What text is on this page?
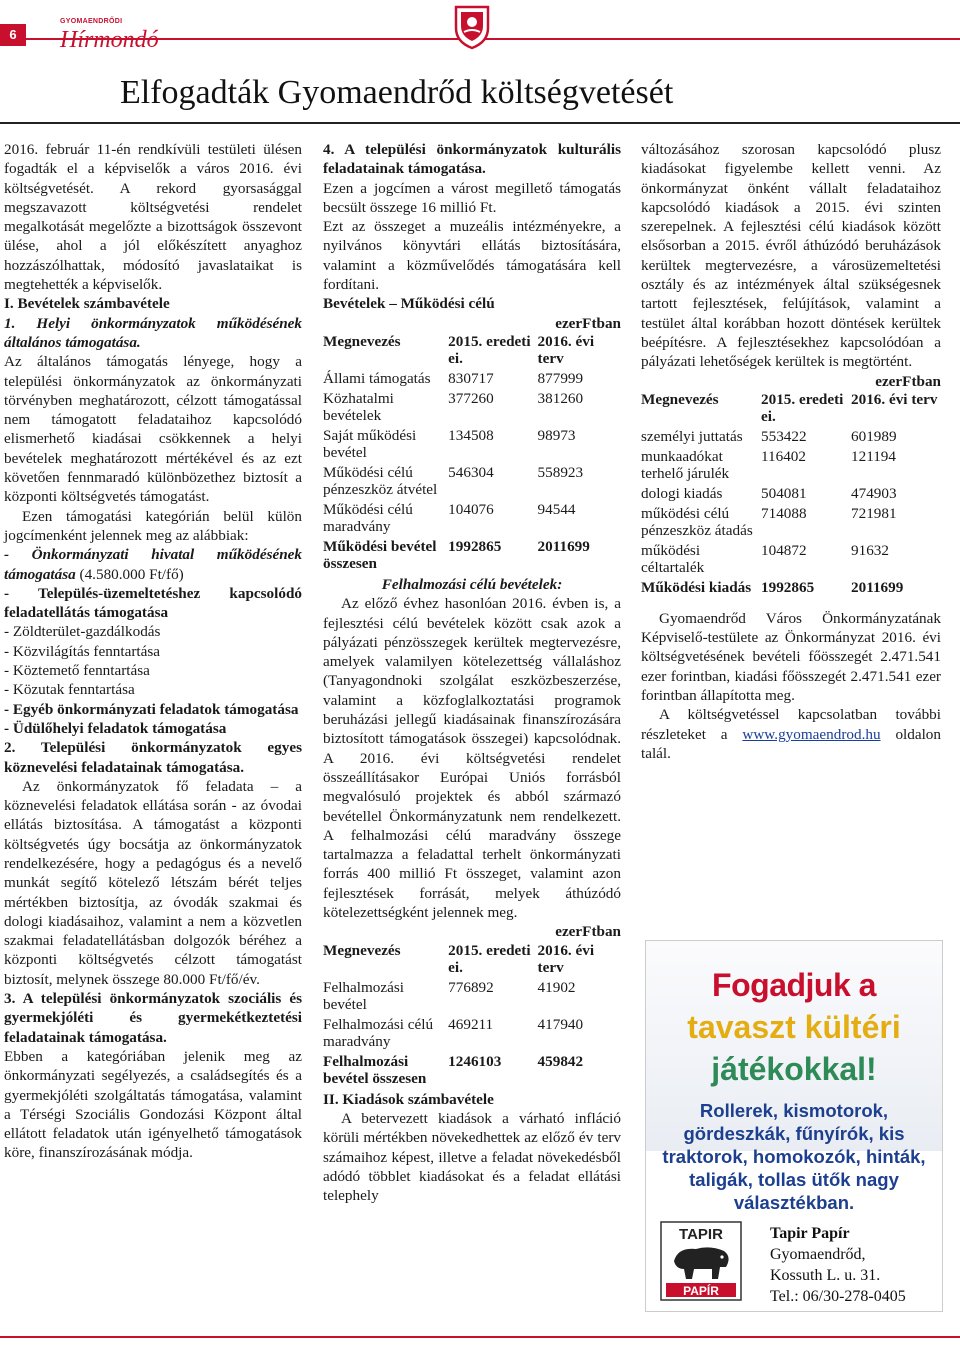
6
GYOMAENDRŐDI
Hírmondó
Elfogadták Gyomaendrőd költségvetését

2016. február 11-én rendkívüli testületi ülésen fogadták el a képviselők a város 2016. évi költségvetését. A rekord gyorsasággal megszavazott költségvetési rendelet megalkotását megelőzte a bizottságok összevont ülése, ahol a jól előkészített anyaghoz hozzászólhattak, módosító javaslataikat is megtehették a képviselők.

I. Bevételek számbavétele

1. Helyi önkormányzatok működésének általános támogatása.

Az általános támogatás lényege, hogy a települési önkormányzatok az önkormányzati törvényben meghatározott, célzott támogatással nem támogatott feladataihoz kapcsolódó elismerhető kiadásai csökkennek a helyi bevételek meghatározott mértékével és az ezt követően fennmaradó különbözethez biztosít a központi költségvetés támogatást.

Ezen támogatási kategórián belül külön jogcímenként jelennek meg az alábbiak:

- Önkormányzati hivatal működésének támogatása (4.580.000 Ft/fő)

- Település-üzemeltetéshez kapcsolódó feladatellátás támogatása

- Zöldterület-gazdálkodás

- Közvilágítás fenntartása

- Köztemető fenntartása

- Közutak fenntartása

- Egyéb önkormányzati feladatok támogatása

- Üdülőhelyi feladatok támogatása

2. Települési önkormányzatok egyes köznevelési feladatainak támogatása.

Az önkormányzatok fő feladata – a köznevelési feladatok ellátása során - az óvodai ellátás biztosítása. A támogatást a központi költségvetés úgy bocsátja az önkormányzatok rendelkezésére, hogy a pedagógus és a nevelő munkát segítő kötelező létszám bérét teljes mértékben biztosítja, az óvodák szakmai és dologi kiadásaihoz, valamint a nem a közvetlen szakmai feladatellátásban dolgozók béréhez a központi költségvetés célzott támogatást biztosít, melynek összege 80.000 Ft/fő/év.

3. A települési önkormányzatok szociális és gyermekjóléti és gyermekétkeztetési feladatainak támogatása.

Ebben a kategóriában jelenik meg az önkormányzati segélyezés, a családsegítés és a gyermekjóléti szolgáltatás támogatása, valamint a Térségi Szociális Gondozási Központ által ellátott feladatok után igényelhető támogatások köre, finanszírozásának módja.

4. A települési önkormányzatok kulturális feladatainak támogatása.

Ezen a jogcímen a várost megillető támogatás becsült összege 16 millió Ft.

Ezt az összeget a muzeális intézményekre, a nyilvános könyvtári ellátás biztosítására, valamint a közművelődés támogatására kell fordítani.

Bevételek – Működési célú

ezerFtban

Megnevezés	2015. eredeti ei.	2016. évi terv
Állami támogatás	830717	877999
Közhatalmi bevételek	377260	381260
Saját működési bevétel	134508	98973
Működési célú pénzeszköz átvétel	546304	558923
Működési célú maradvány	104076	94544
Működési bevétel összesen	1992865	2011699

Felhalmozási célú bevételek:

Az előző évhez hasonlóan 2016. évben is, a fejlesztési célú bevételek között csak azok a pályázati pénzösszegek kerültek megtervezésre, amelyek valamilyen kötelezettség vállaláshoz (Tanyagondnoki szolgálat eszközbeszerzése, valamint a közfoglalkoztatási programok beruházási jellegű kiadásainak finanszírozására biztosított támogatások összegei) kapcsolódnak. A 2016. évi költségvetési rendelet összeállításakor Európai Uniós forrásból megvalósuló projektek és abból származó bevétellel Önkormányzatunk nem rendelkezett. A felhalmozási célú maradvány összege tartalmazza a feladattal terhelt önkormányzati forrás 400 millió Ft összeget, valamint azon fejlesztések forrását, melyek áthúzódó kötelezettségként jelennek meg.

ezerFtban

Megnevezés	2015. eredeti ei.	2016. évi terv
Felhalmozási bevétel	776892	41902
Felhalmozási célú maradvány	469211	417940
Felhalmozási bevétel összesen	1246103	459842

II. Kiadások számbavétele

A betervezett kiadások a várható infláció körüli mértékben növekedhettek az előző év terv számaihoz képest, illetve a feladat növekedésből adódó többlet kiadásokat és a feladat ellátási telephely

változásához szorosan kapcsolódó plusz kiadásokat figyelembe kellett venni. Az önkormányzat önként vállalt feladataihoz kapcsolódó kiadások a 2015. évi szinten szerepelnek. A fejlesztési célú kiadások között elsősorban a 2015. évről áthúzódó beruházások kerültek megtervezésre, a városüzemeltetési osztály és az intézmények által szükségesnek tartott fejlesztések, felújítások, valamint a testület által korábban hozott döntések kerültek beépítésre. A fejlesztésekhez kapcsolódóan a pályázati lehetőségek kerültek is megtörtént.

ezerFtban

Megnevezés	2015. eredeti ei.	2016. évi terv
személyi juttatás	553422	601989
munkaadókat terhelő járulék	116402	121194
dologi kiadás	504081	474903
működési célú pénzeszköz átadás	714088	721981
működési céltartalék	104872	91632
Működési kiadás	1992865	2011699

Gyomaendrőd Város Önkormányzatának Képviselő-testülete az Önkormányzat 2016. évi költségvetésének bevételi főösszegét 2.471.541 ezer forintban, kiadási főösszegét 2.471.541 ezer forintban állapította meg.

A költségvetéssel kapcsolatban további részleteket a www.gyomaendrod.hu oldalon talál.

Fogadjuk a
tavaszt kültéri
játékokkal!
Rollerek, kismotorok, gördeszkák, fűnyírók, kis traktorok, homokozók, hinták, taligák, tollas ütők nagy választékban.
TAPIR
PAPÍR
Tapir Papír
Gyomaendrőd,
Kossuth L. u. 31.
Tel.: 06/30-278-0405
